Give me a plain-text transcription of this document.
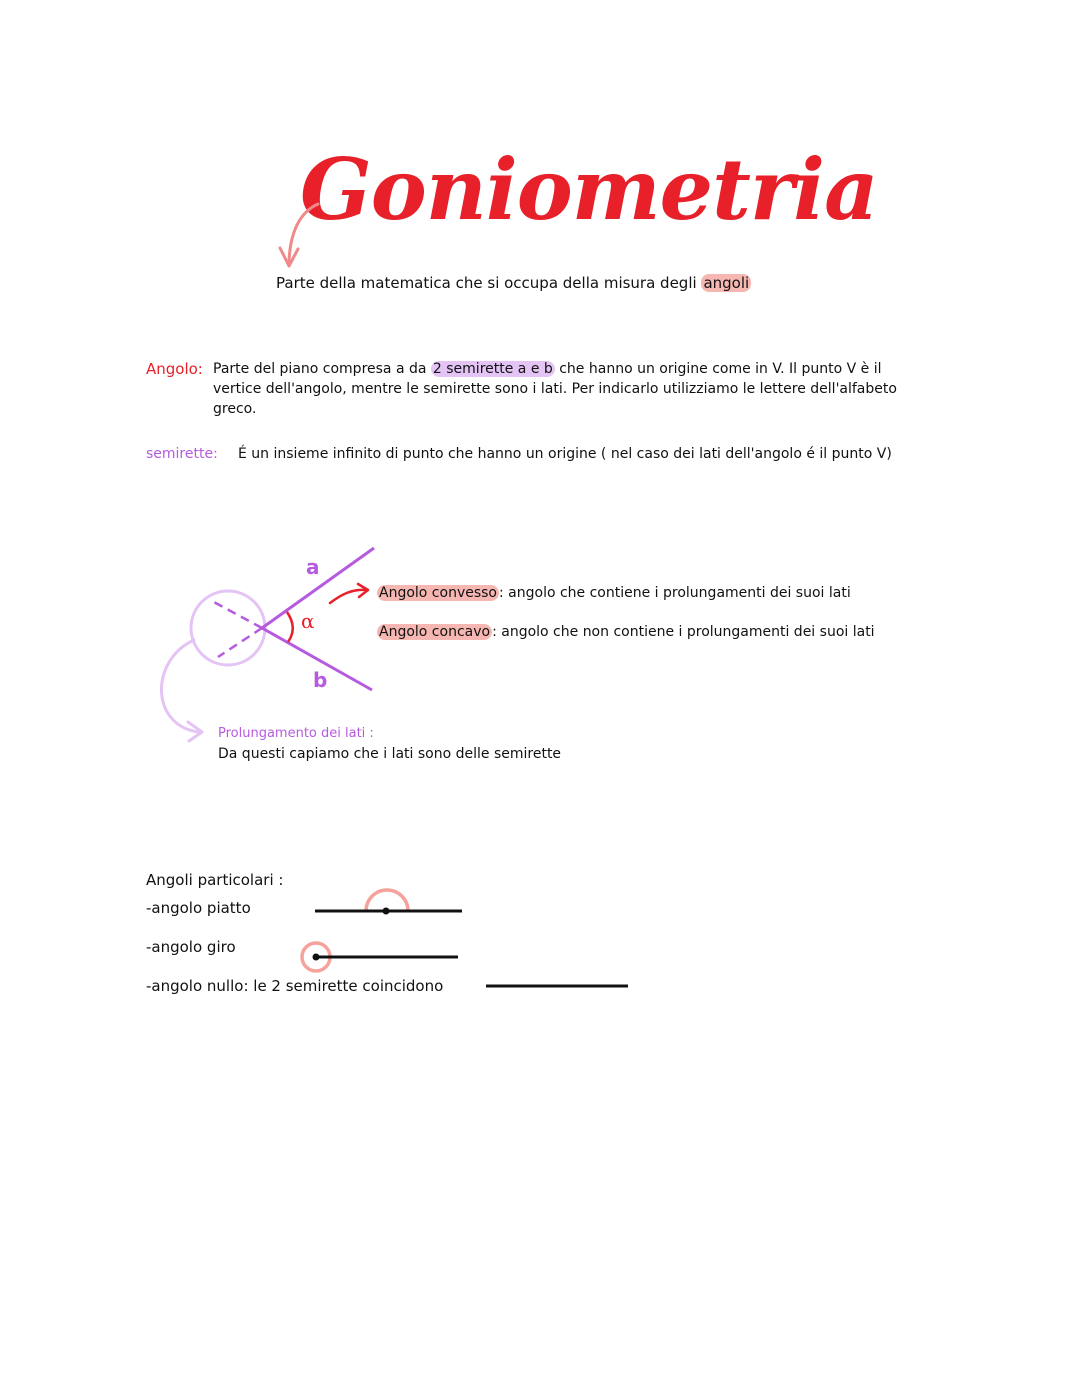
Goniometria
Parte della matematica che si occupa della misura degli angoli
Angolo: Parte del piano compresa a da 2 semirette a e b che hanno un origine come in V. Il punto V è il vertice dell'angolo, mentre le semirette sono i lati. Per indicarlo utilizziamo le lettere dell'alfabeto greco.
semirette: É un insieme infinito di punto che hanno un origine ( nel caso dei lati dell'angolo é il punto V)
a
b
α
Angolo convesso : angolo che contiene i prolungamenti dei suoi lati
Angolo concavo : angolo che non contiene i prolungamenti dei suoi lati
Prolungamento dei lati :
Da questi capiamo che i lati sono delle semirette
Angoli particolari :
-angolo piatto
-angolo giro
-angolo nullo: le 2 semirette coincidono
